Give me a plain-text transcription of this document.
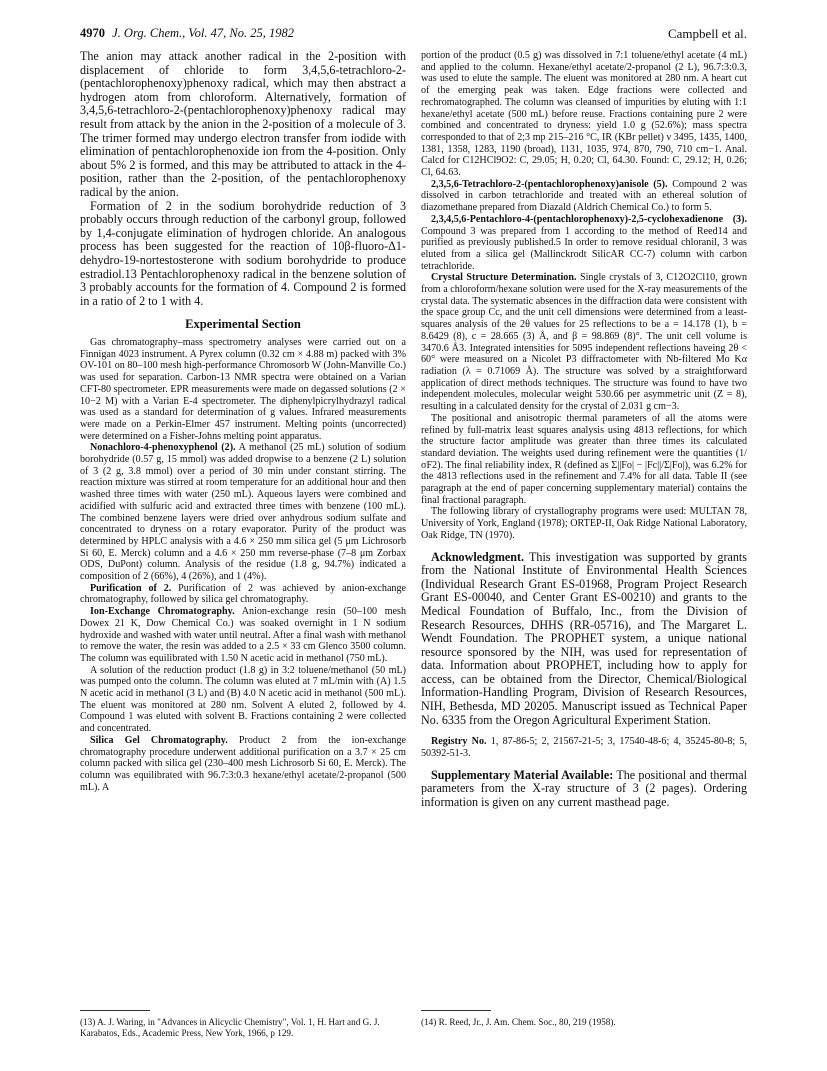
4970 J. Org. Chem., Vol. 47, No. 25, 1982	Campbell et al.

The anion may attack another radical in the 2-position with displacement of chloride to form 3,4,5,6-tetrachloro-2-(pentachlorophenoxy)phenoxy radical, which may then abstract a hydrogen atom from chloroform. Alternatively, formation of 3,4,5,6-tetrachloro-2-(pentachlorophenoxy)phenoxy radical may result from attack by the anion in the 2-position of a molecule of 3. The trimer formed may undergo electron transfer from iodide with elimination of pentachlorophenoxide ion from the 4-position. Only about 5% 2 is formed, and this may be attributed to attack in the 4-position, rather than the 2-position, of the pentachlorophenoxy radical by the anion.

Formation of 2 in the sodium borohydride reduction of 3 probably occurs through reduction of the carbonyl group, followed by 1,4-conjugate elimination of hydrogen chloride. An analogous process has been suggested for the reaction of 10β-fluoro-Δ1-dehydro-19-nortestosterone with sodium borohydride to produce estradiol.13 Pentachlorophenoxy radical in the benzene solution of 3 probably accounts for the formation of 4. Compound 2 is formed in a ratio of 2 to 1 with 4.

Experimental Section

Gas chromatography–mass spectrometry analyses were carried out on a Finnigan 4023 instrument. A Pyrex column (0.32 cm × 4.88 m) packed with 3% OV-101 on 80–100 mesh high-performance Chromosorb W (John-Manville Co.) was used for separation. Carbon-13 NMR spectra were obtained on a Varian CFT-80 spectrometer. EPR measurements were made on degassed solutions (2 × 10−2 M) with a Varian E-4 spectrometer. The diphenylpicrylhydrazyl radical was used as a standard for determination of g values. Infrared measurements were made on a Perkin-Elmer 457 instrument. Melting points (uncorrected) were determined on a Fisher-Johns melting point apparatus.

Nonachloro-4-phenoxyphenol (2). A methanol (25 mL) solution of sodium borohydride (0.57 g, 15 mmol) was added dropwise to a benzene (2 L) solution of 3 (2 g, 3.8 mmol) over a period of 30 min under constant stirring. The reaction mixture was stirred at room temperature for an additional hour and then washed three times with water (250 mL). Aqueous layers were combined and acidified with sulfuric acid and extracted three times with benzene (100 mL). The combined benzene layers were dried over anhydrous sodium sulfate and concentrated to dryness on a rotary evaporator. Purity of the product was determined by HPLC analysis with a 4.6 × 250 mm silica gel (5 μm Lichrosorb Si 60, E. Merck) column and a 4.6 × 250 mm reverse-phase (7–8 μm Zorbax ODS, DuPont) column. Analysis of the residue (1.8 g, 94.7%) indicated a composition of 2 (66%), 4 (26%), and 1 (4%).

Purification of 2. Purification of 2 was achieved by anion-exchange chromatography, followed by silica gel chromatography.

Ion-Exchange Chromatography. Anion-exchange resin (50–100 mesh Dowex 21 K, Dow Chemical Co.) was soaked overnight in 1 N sodium hydroxide and washed with water until neutral. After a final wash with methanol to remove the water, the resin was added to a 2.5 × 33 cm Glenco 3500 column. The column was equilibrated with 1.50 N acetic acid in methanol (750 mL).

A solution of the reduction product (1.8 g) in 3:2 toluene/methanol (50 mL) was pumped onto the column. The column was eluted at 7 mL/min with (A) 1.5 N acetic acid in methanol (3 L) and (B) 4.0 N acetic acid in methanol (500 mL). The eluent was monitored at 280 nm. Solvent A eluted 2, followed by 4. Compound 1 was eluted with solvent B. Fractions containing 2 were collected and concentrated.

Silica Gel Chromatography. Product 2 from the ion-exchange chromatography procedure underwent additional purification on a 3.7 × 25 cm column packed with silica gel (230–400 mesh Lichrosorb Si 60, E. Merck). The column was equilibrated with 96.7:3:0.3 hexane/ethyl acetate/2-propanol (500 mL). A

portion of the product (0.5 g) was dissolved in 7:1 toluene/ethyl acetate (4 mL) and applied to the column. Hexane/ethyl acetate/2-propanol (2 L), 96.7:3:0.3, was used to elute the sample. The eluent was monitored at 280 nm. A heart cut of the emerging peak was taken. Edge fractions were collected and rechromatographed. The column was cleansed of impurities by eluting with 1:1 hexane/ethyl acetate (500 mL) before reuse. Fractions containing pure 2 were combined and concentrated to dryness: yield 1.0 g (52.6%); mass spectra corresponded to that of 2;3 mp 215–216 °C, IR (KBr pellet) ν 3495, 1435, 1400, 1381, 1358, 1283, 1190 (broad), 1131, 1035, 974, 870, 790, 710 cm−1. Anal. Calcd for C12HCl9O2: C, 29.05; H, 0.20; Cl, 64.30. Found: C, 29.12; H, 0.26; Cl, 64.63.

2,3,5,6-Tetrachloro-2-(pentachlorophenoxy)anisole (5). Compound 2 was dissolved in carbon tetrachloride and treated with an ethereal solution of diazomethane prepared from Diazald (Aldrich Chemical Co.) to form 5.

2,3,4,5,6-Pentachloro-4-(pentachlorophenoxy)-2,5-cyclohexadienone (3). Compound 3 was prepared from 1 according to the method of Reed14 and purified as previously published.5 In order to remove residual chloranil, 3 was eluted from a silica gel (Mallinckrodt SilicAR CC-7) column with carbon tetrachloride.

Crystal Structure Determination. Single crystals of 3, C12O2Cl10, grown from a chloroform/hexane solution were used for the X-ray measurements of the crystal data. The systematic absences in the diffraction data were consistent with the space group Cc, and the unit cell dimensions were determined from a least-squares analysis of the 2θ values for 25 reflections to be a = 14.178 (1), b = 8.6429 (8), c = 28.665 (3) Å, and β = 98.869 (8)°. The unit cell volume is 3470.6 Å3. Integrated intensities for 5095 independent reflections haveing 2θ < 60° were measured on a Nicolet P3 diffractometer with Nb-filtered Mo Kα radiation (λ = 0.71069 Å). The structure was solved by a straightforward application of direct methods techniques. The structure was found to have two independent molecules, molecular weight 530.66 per asymmetric unit (Z = 8), resulting in a calculated density for the crystal of 2.031 g cm−3.

The positional and anisotropic thermal parameters of all the atoms were refined by full-matrix least squares analysis using 4813 reflections, for which the structure factor amplitude was greater than three times its calculated standard deviation. The weights used during refinement were the quantities (1/σF2). The final reliability index, R (defined as Σ||Fo| − |Fc||/Σ|Fo|), was 6.2% for the 4813 reflections used in the refinement and 7.4% for all data. Table II (see paragraph at the end of paper concerning supplementary material) contains the final fractional paragraph.

The following library of crystallography programs were used: MULTAN 78, University of York, England (1978); ORTEP-II, Oak Ridge National Laboratory, Oak Ridge, TN (1970).

Acknowledgment. This investigation was supported by grants from the National Institute of Environmental Health Sciences (Individual Research Grant ES-01968, Program Project Research Grant ES-00040, and Center Grant ES-00210) and grants to the Medical Foundation of Buffalo, Inc., from the Division of Research Resources, DHHS (RR-05716), and The Margaret L. Wendt Foundation. The PROPHET system, a unique national resource sponsored by the NIH, was used for representation of data. Information about PROPHET, including how to apply for access, can be obtained from the Director, Chemical/Biological Information-Handling Program, Division of Research Resources, NIH, Bethesda, MD 20205. Manuscript issued as Technical Paper No. 6335 from the Oregon Agricultural Experiment Station.

Registry No. 1, 87-86-5; 2, 21567-21-5; 3, 17540-48-6; 4, 35245-80-8; 5, 50392-51-3.

Supplementary Material Available: The positional and thermal parameters from the X-ray structure of 3 (2 pages). Ordering information is given on any current masthead page.

(13) A. J. Waring, in "Advances in Alicyclic Chemistry", Vol. 1, H. Hart and G. J. Karabatos, Eds., Academic Press, New York, 1966, p 129.
(14) R. Reed, Jr., J. Am. Chem. Soc., 80, 219 (1958).
